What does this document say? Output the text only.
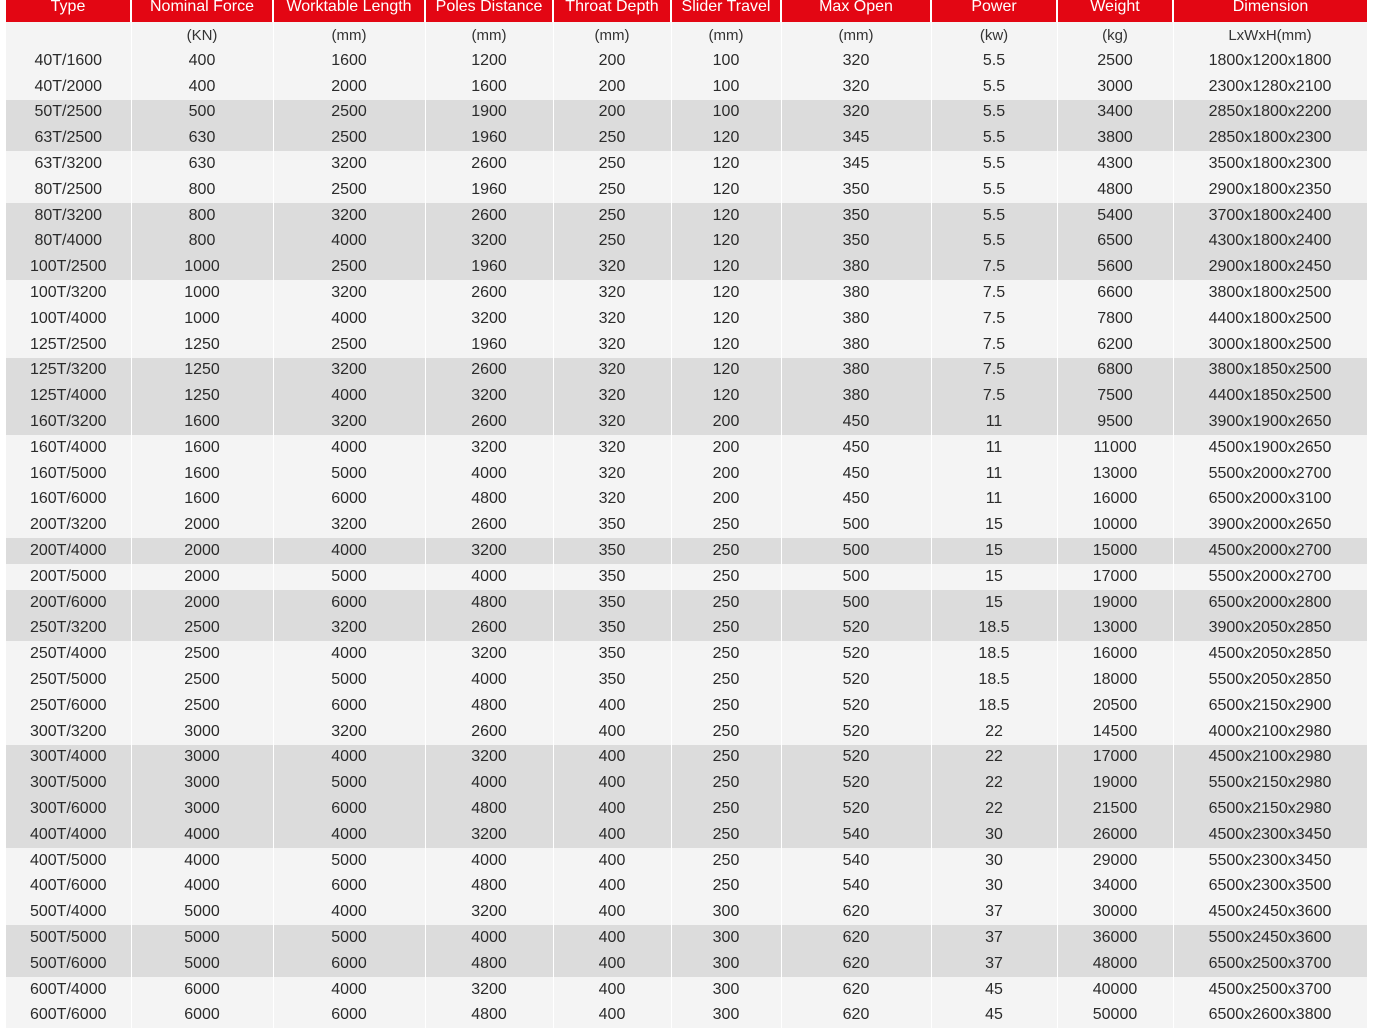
Type	Nominal Force	Worktable Length	Poles Distance	Throat Depth	Slider Travel	Max Open	Power	Weight	Dimension
	(KN)	(mm)	(mm)	(mm)	(mm)	(mm)	(kw)	(kg)	LxWxH(mm)
40T/1600	400	1600	1200	200	100	320	5.5	2500	1800x1200x1800
40T/2000	400	2000	1600	200	100	320	5.5	3000	2300x1280x2100
50T/2500	500	2500	1900	200	100	320	5.5	3400	2850x1800x2200
63T/2500	630	2500	1960	250	120	345	5.5	3800	2850x1800x2300
63T/3200	630	3200	2600	250	120	345	5.5	4300	3500x1800x2300
80T/2500	800	2500	1960	250	120	350	5.5	4800	2900x1800x2350
80T/3200	800	3200	2600	250	120	350	5.5	5400	3700x1800x2400
80T/4000	800	4000	3200	250	120	350	5.5	6500	4300x1800x2400
100T/2500	1000	2500	1960	320	120	380	7.5	5600	2900x1800x2450
100T/3200	1000	3200	2600	320	120	380	7.5	6600	3800x1800x2500
100T/4000	1000	4000	3200	320	120	380	7.5	7800	4400x1800x2500
125T/2500	1250	2500	1960	320	120	380	7.5	6200	3000x1800x2500
125T/3200	1250	3200	2600	320	120	380	7.5	6800	3800x1850x2500
125T/4000	1250	4000	3200	320	120	380	7.5	7500	4400x1850x2500
160T/3200	1600	3200	2600	320	200	450	11	9500	3900x1900x2650
160T/4000	1600	4000	3200	320	200	450	11	11000	4500x1900x2650
160T/5000	1600	5000	4000	320	200	450	11	13000	5500x2000x2700
160T/6000	1600	6000	4800	320	200	450	11	16000	6500x2000x3100
200T/3200	2000	3200	2600	350	250	500	15	10000	3900x2000x2650
200T/4000	2000	4000	3200	350	250	500	15	15000	4500x2000x2700
200T/5000	2000	5000	4000	350	250	500	15	17000	5500x2000x2700
200T/6000	2000	6000	4800	350	250	500	15	19000	6500x2000x2800
250T/3200	2500	3200	2600	350	250	520	18.5	13000	3900x2050x2850
250T/4000	2500	4000	3200	350	250	520	18.5	16000	4500x2050x2850
250T/5000	2500	5000	4000	350	250	520	18.5	18000	5500x2050x2850
250T/6000	2500	6000	4800	400	250	520	18.5	20500	6500x2150x2900
300T/3200	3000	3200	2600	400	250	520	22	14500	4000x2100x2980
300T/4000	3000	4000	3200	400	250	520	22	17000	4500x2100x2980
300T/5000	3000	5000	4000	400	250	520	22	19000	5500x2150x2980
300T/6000	3000	6000	4800	400	250	520	22	21500	6500x2150x2980
400T/4000	4000	4000	3200	400	250	540	30	26000	4500x2300x3450
400T/5000	4000	5000	4000	400	250	540	30	29000	5500x2300x3450
400T/6000	4000	6000	4800	400	250	540	30	34000	6500x2300x3500
500T/4000	5000	4000	3200	400	300	620	37	30000	4500x2450x3600
500T/5000	5000	5000	4000	400	300	620	37	36000	5500x2450x3600
500T/6000	5000	6000	4800	400	300	620	37	48000	6500x2500x3700
600T/4000	6000	4000	3200	400	300	620	45	40000	4500x2500x3700
600T/6000	6000	6000	4800	400	300	620	45	50000	6500x2600x3800
